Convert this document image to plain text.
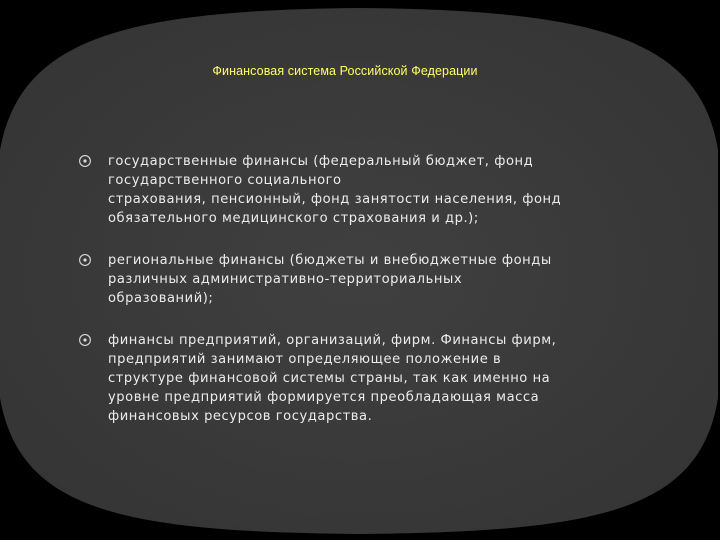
Финансовая система Российской Федерации
государственные финансы (федеральный бюджет, фонд
государственного социального
страхования, пенсионный, фонд занятости населения, фонд
обязательного медицинского страхования и др.);
региональные финансы (бюджеты и внебюджетные фонды
различных административно-территориальных
образований);
финансы предприятий, организаций, фирм. Финансы фирм,
предприятий занимают определяющее положение в
структуре финансовой системы страны, так как именно на
уровне предприятий формируется преобладающая масса
финансовых ресурсов государства.
